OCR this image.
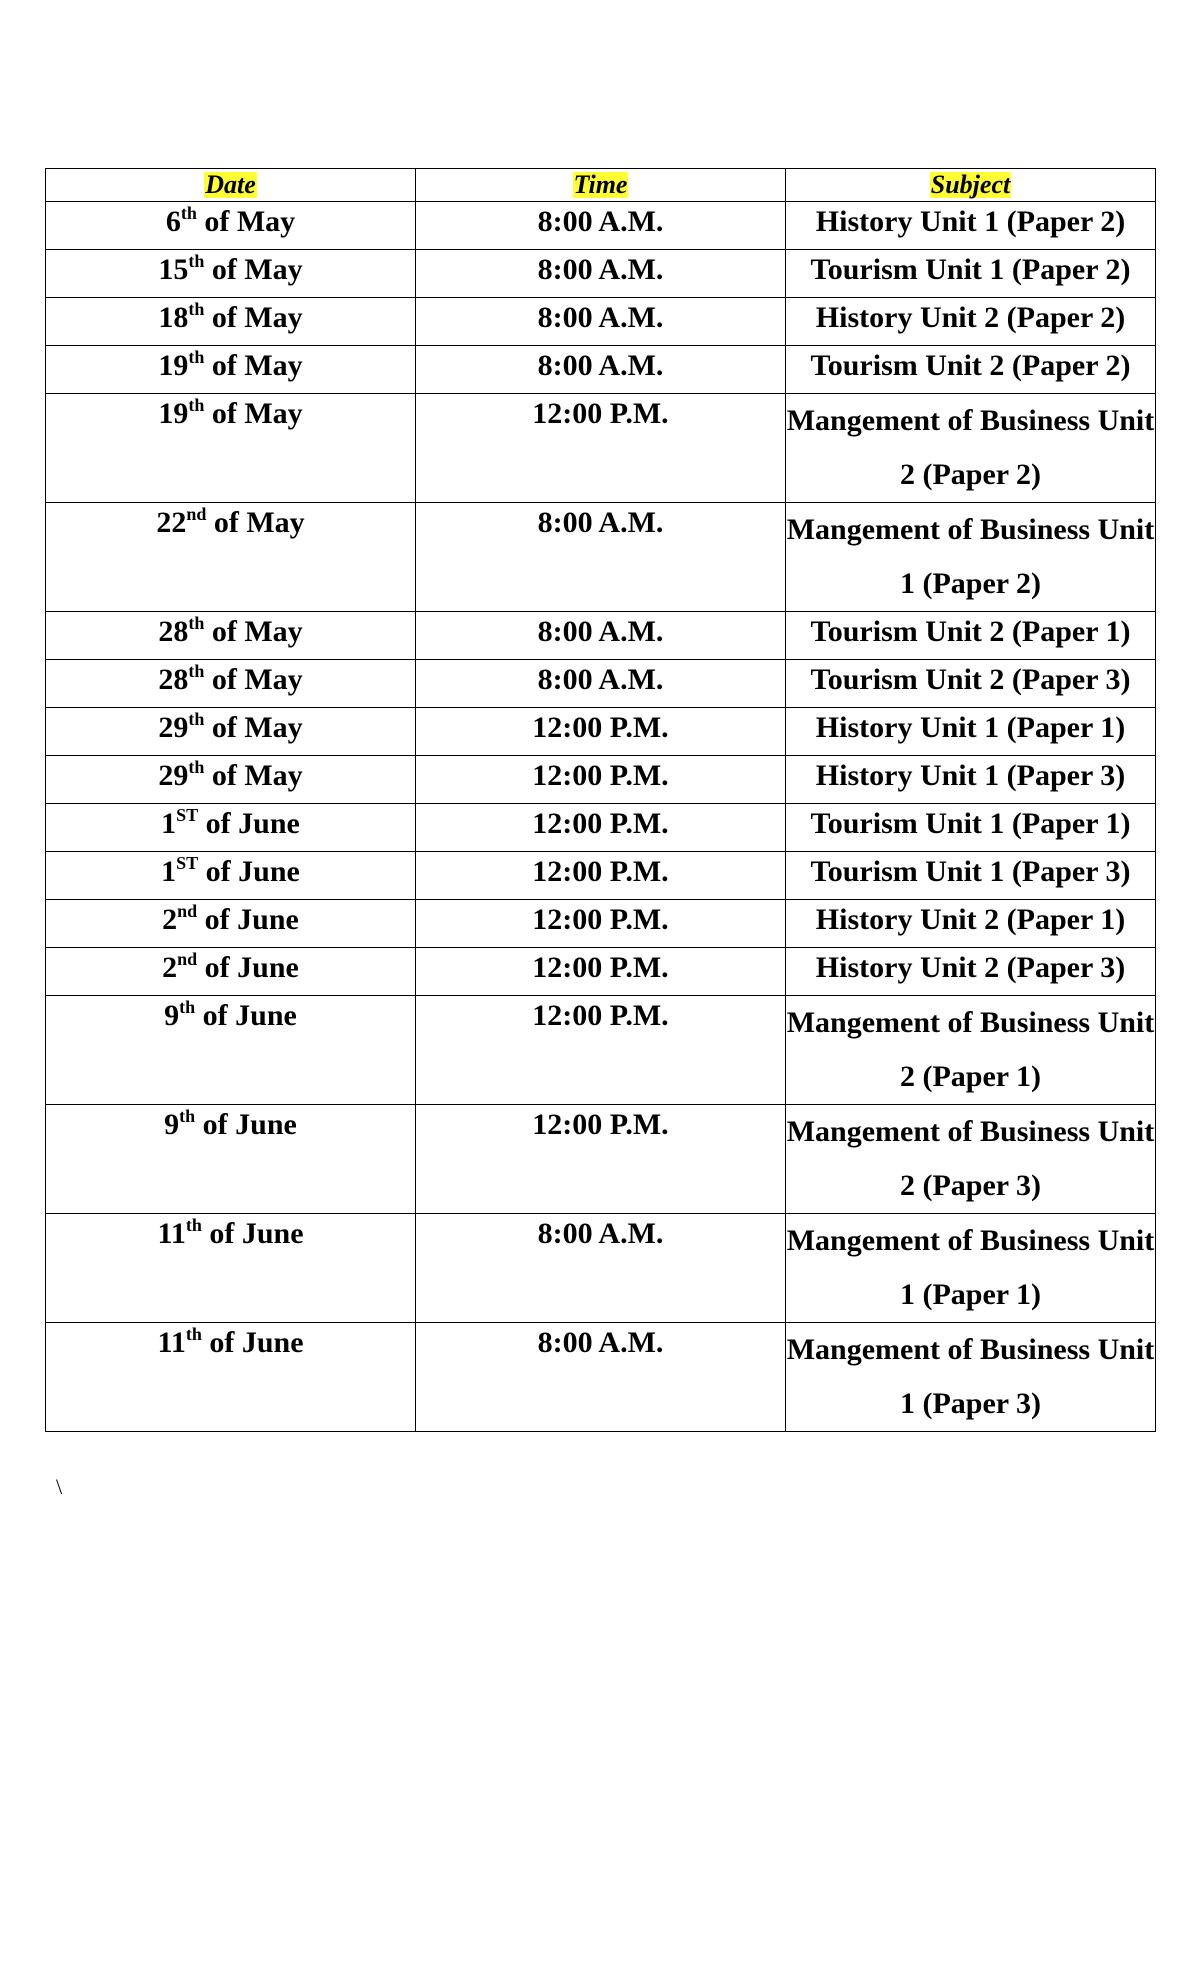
Date	Time	Subject
6th of May	8:00 A.M.	History Unit 1 (Paper 2)
15th of May	8:00 A.M.	Tourism Unit 1 (Paper 2)
18th of May	8:00 A.M.	History Unit 2 (Paper 2)
19th of May	8:00 A.M.	Tourism Unit 2 (Paper 2)
19th of May	12:00 P.M.	Mangement of Business Unit 2 (Paper 2)
22nd of May	8:00 A.M.	Mangement of Business Unit 1 (Paper 2)
28th of May	8:00 A.M.	Tourism Unit 2 (Paper 1)
28th of May	8:00 A.M.	Tourism Unit 2 (Paper 3)
29th of May	12:00 P.M.	History Unit 1 (Paper 1)
29th of May	12:00 P.M.	History Unit 1 (Paper 3)
1ST of June	12:00 P.M.	Tourism Unit 1 (Paper 1)
1ST of June	12:00 P.M.	Tourism Unit 1 (Paper 3)
2nd of June	12:00 P.M.	History Unit 2 (Paper 1)
2nd of June	12:00 P.M.	History Unit 2 (Paper 3)
9th of June	12:00 P.M.	Mangement of Business Unit 2 (Paper 1)
9th of June	12:00 P.M.	Mangement of Business Unit 2 (Paper 3)
11th of June	8:00 A.M.	Mangement of Business Unit 1 (Paper 1)
11th of June	8:00 A.M.	Mangement of Business Unit 1 (Paper 3)
\
